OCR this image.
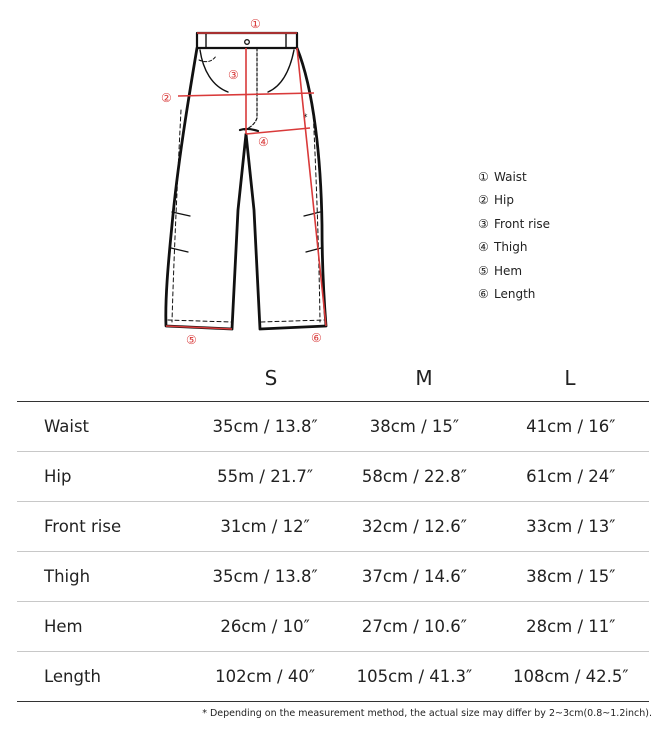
*
①
②
③
④
⑤	⑥
① Waist
② Hip
③ Front rise
④ Thigh
⑤ Hem
⑥ Length
S	M	L
Waist	35cm / 13.8″	38cm / 15″	41cm / 16″
Hip	55m / 21.7″	58cm / 22.8″	61cm / 24″
Front rise	31cm / 12″	32cm / 12.6″	33cm / 13″
Thigh	35cm / 13.8″	37cm / 14.6″	38cm / 15″
Hem	26cm / 10″	27cm / 10.6″	28cm / 11″
Length	102cm / 40″	105cm / 41.3″	108cm / 42.5″
* Depending on the measurement method, the actual size may differ by 2~3cm(0.8~1.2inch).
